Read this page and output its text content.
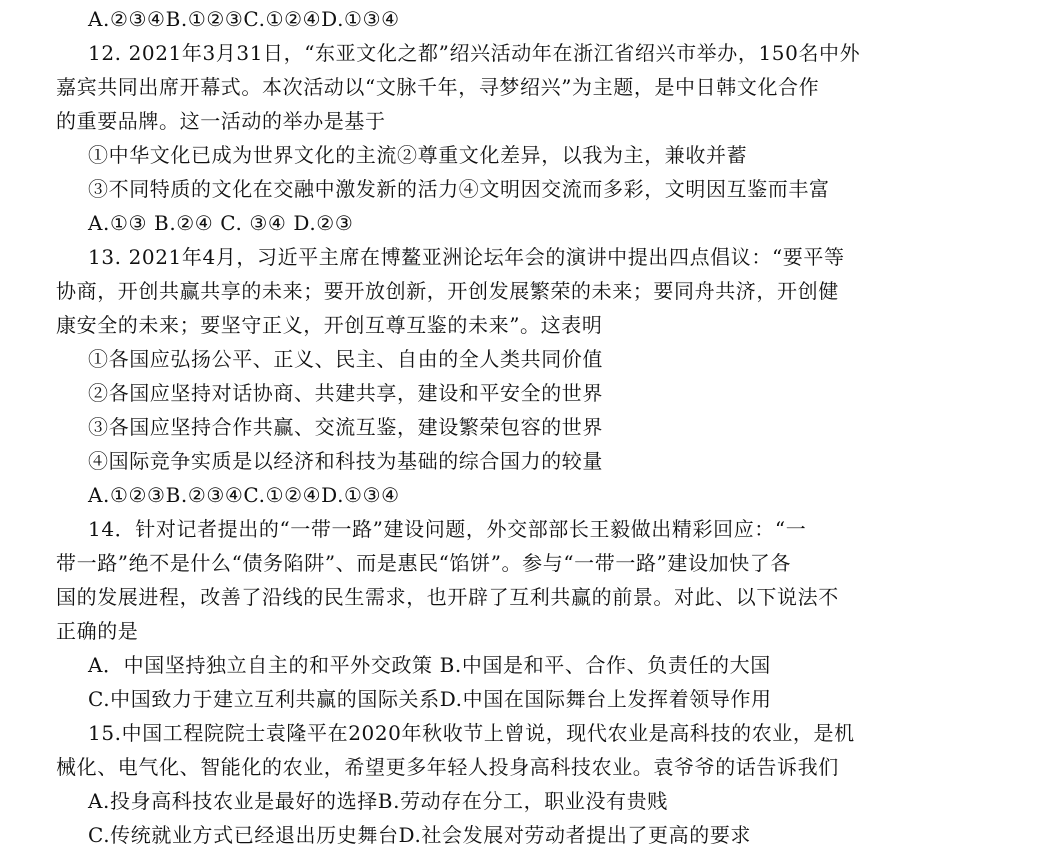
A.②③④B.①②③C.①②④D.①③④
12. 2021年3月31日，“东亚文化之都”绍兴活动年在浙江省绍兴市举办，150名中外
嘉宾共同出席开幕式。本次活动以“文脉千年，寻梦绍兴”为主题，是中日韩文化合作
的重要品牌。这一活动的举办是基于
①中华文化已成为世界文化的主流②尊重文化差异，以我为主，兼收并蓄
③不同特质的文化在交融中激发新的活力④文明因交流而多彩，文明因互鉴而丰富
A.①③ B.②④ C. ③④ D.②③
13. 2021年4月，习近平主席在博鳌亚洲论坛年会的演讲中提出四点倡议：“要平等
协商，开创共赢共享的未来；要开放创新，开创发展繁荣的未来；要同舟共济，开创健
康安全的未来；要坚守正义，开创互尊互鉴的未来”。这表明
①各国应弘扬公平、正义、民主、自由的全人类共同价值
②各国应坚持对话协商、共建共享，建设和平安全的世界
③各国应坚持合作共赢、交流互鉴，建设繁荣包容的世界
④国际竞争实质是以经济和科技为基础的综合国力的较量
A.①②③B.②③④C.①②④D.①③④
14．针对记者提出的“一带一路”建设问题，外交部部长王毅做出精彩回应：“一
带一路”绝不是什么“债务陷阱”、而是惠民“馅饼”。参与“一带一路”建设加快了各
国的发展进程，改善了沿线的民生需求，也开辟了互利共赢的前景。对此、以下说法不
正确的是
A．中国坚持独立自主的和平外交政策 B.中国是和平、合作、负责任的大国
C.中国致力于建立互利共赢的国际关系D.中国在国际舞台上发挥着领导作用
15.中国工程院院士袁隆平在2020年秋收节上曾说，现代农业是高科技的农业，是机
械化、电气化、智能化的农业，希望更多年轻人投身高科技农业。袁爷爷的话告诉我们
A.投身高科技农业是最好的选择B.劳动存在分工，职业没有贵贱
C.传统就业方式已经退出历史舞台D.社会发展对劳动者提出了更高的要求
